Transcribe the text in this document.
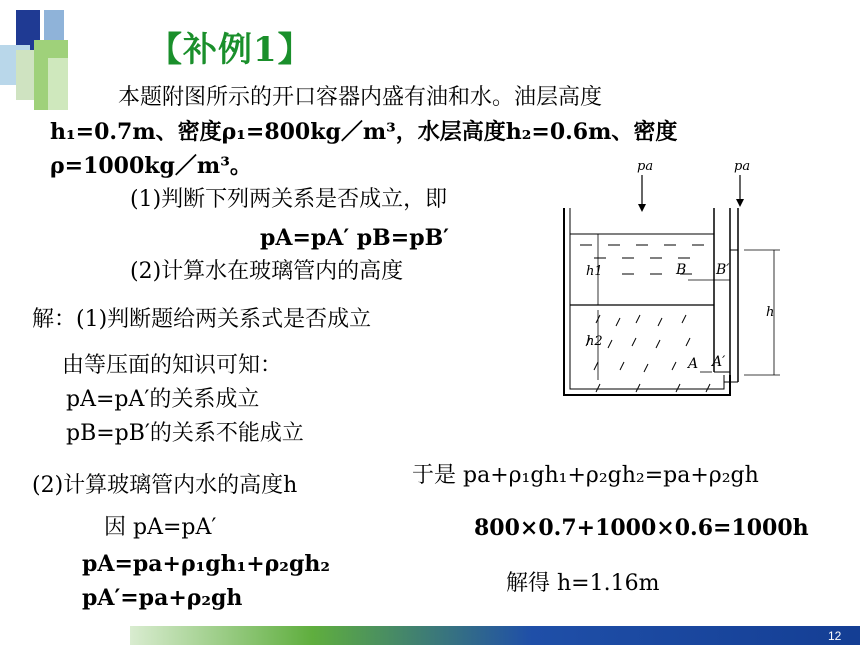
【补例1】
本题附图所示的开口容器内盛有油和水。油层高度
h₁=0.7m、密度ρ₁=800kg／m³，水层高度h₂=0.6m、密度
ρ=1000kg／m³。
(1)判断下列两关系是否成立，即
pA=pA′ pB=pB′
(2)计算水在玻璃管内的高度
解：(1)判断题给两关系式是否成立
由等压面的知识可知：
pA=pA′的关系成立
pB=pB′的关系不能成立
(2)计算玻璃管内水的高度h
因 pA=pA′
pA=pa+ρ₁gh₁+ρ₂gh₂
pA′=pa+ρ₂gh
于是 pa+ρ₁gh₁+ρ₂gh₂=pa+ρ₂gh
800×0.7+1000×0.6=1000h
解得 h=1.16m
pa	pa
h1
h2
h
B B′
A A′
12
